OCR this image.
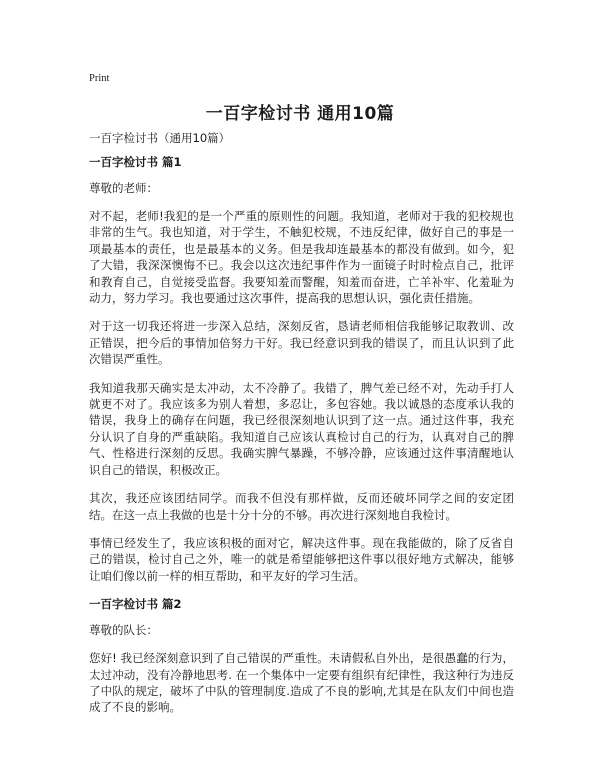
Print
一百字检讨书 通用10篇

一百字检讨书（通用10篇）

一百字检讨书 篇1

尊敬的老师：

对不起，老师!我犯的是一个严重的原则性的问题。我知道，老师对于我的犯校规也非常的生气。我也知道，对于学生，不触犯校规，不违反纪律，做好自己的事是一项最基本的责任，也是最基本的义务。但是我却连最基本的都没有做到。如今，犯了大错，我深深懊悔不已。我会以这次违纪事件作为一面镜子时时检点自己，批评和教育自己，自觉接受监督。我要知羞而警醒，知羞而奋进，亡羊补牢、化羞耻为动力，努力学习。我也要通过这次事件，提高我的思想认识，强化责任措施。

对于这一切我还将进一步深入总结，深刻反省，恳请老师相信我能够记取教训、改正错误，把今后的事情加倍努力干好。我已经意识到我的错误了，而且认识到了此次错误严重性。

我知道我那天确实是太冲动，太不冷静了。我错了，脾气差已经不对，先动手打人就更不对了。我应该多为别人着想，多忍让，多包容她。我以诚恳的态度承认我的错误，我身上的确存在问题，我已经很深刻地认识到了这一点。通过这件事，我充分认识了自身的严重缺陷。我知道自己应该认真检讨自己的行为，认真对自己的脾气、性格进行深刻的反思。我确实脾气暴躁，不够冷静，应该通过这件事清醒地认识自己的错误，积极改正。

其次，我还应该团结同学。而我不但没有那样做，反而还破坏同学之间的安定团结。在这一点上我做的也是十分十分的不够。再次进行深刻地自我检讨。

事情已经发生了，我应该积极的面对它，解决这件事。现在我能做的，除了反省自己的错误，检讨自己之外，唯一的就是希望能够把这件事以很好地方式解决，能够让咱们像以前一样的相互帮助，和平友好的学习生活。

一百字检讨书 篇2

尊敬的队长：

您好! 我已经深刻意识到了自己错误的严重性。未请假私自外出，是很愚蠢的行为，太过冲动，没有冷静地思考. 在一个集体中一定要有组织有纪律性，我这种行为违反了中队的规定，破坏了中队的管理制度.造成了不良的影响,尤其是在队友们中间也造成了不良的影响。
